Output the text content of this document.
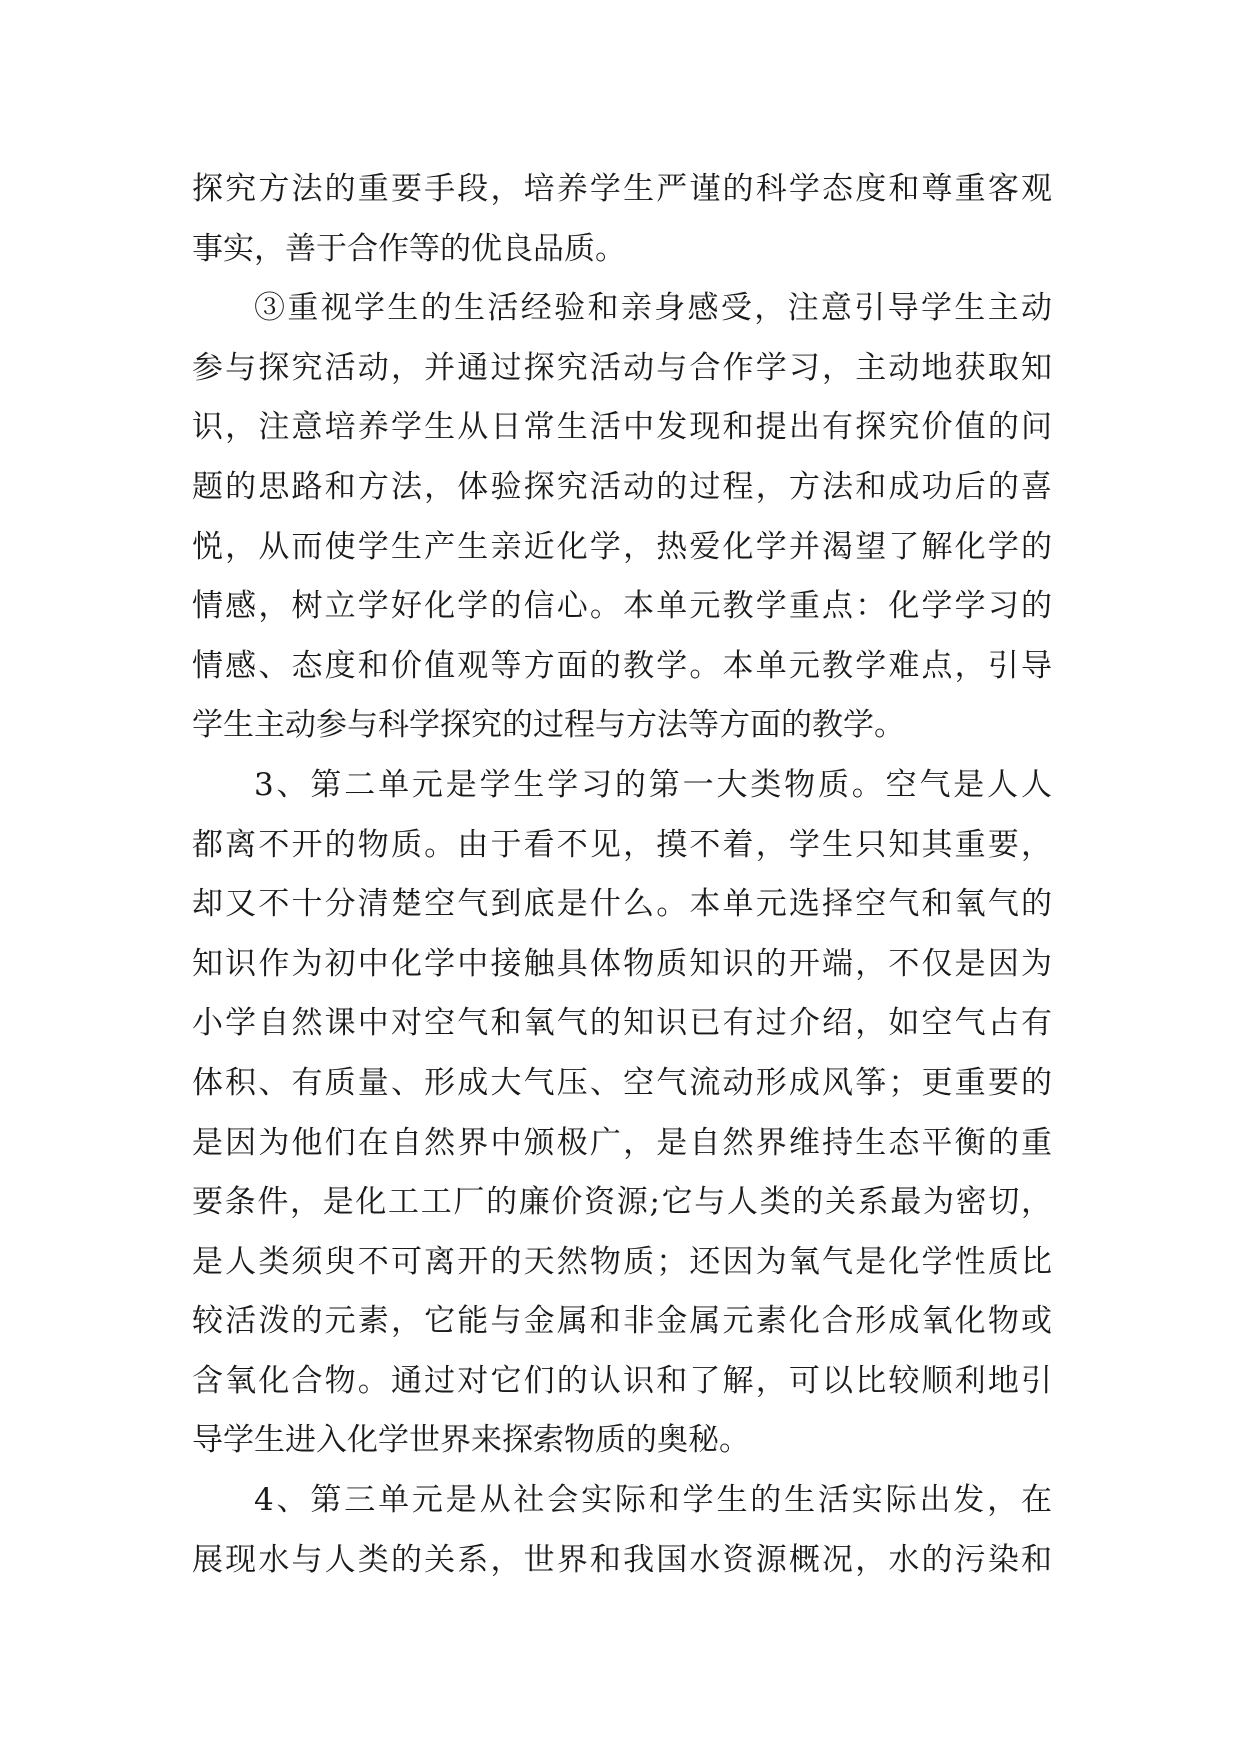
探究方法的重要手段，培养学生严谨的科学态度和尊重客观
事实，善于合作等的优良品质。
③重视学生的生活经验和亲身感受，注意引导学生主动
参与探究活动，并通过探究活动与合作学习，主动地获取知
识，注意培养学生从日常生活中发现和提出有探究价值的问
题的思路和方法，体验探究活动的过程，方法和成功后的喜
悦，从而使学生产生亲近化学，热爱化学并渴望了解化学的
情感，树立学好化学的信心。本单元教学重点：化学学习的
情感、态度和价值观等方面的教学。本单元教学难点，引导
学生主动参与科学探究的过程与方法等方面的教学。
3、第二单元是学生学习的第一大类物质。空气是人人
都离不开的物质。由于看不见，摸不着，学生只知其重要，
却又不十分清楚空气到底是什么。本单元选择空气和氧气的
知识作为初中化学中接触具体物质知识的开端，不仅是因为
小学自然课中对空气和氧气的知识已有过介绍，如空气占有
体积、有质量、形成大气压、空气流动形成风筝；更重要的
是因为他们在自然界中颁极广，是自然界维持生态平衡的重
要条件，是化工工厂的廉价资源;它与人类的关系最为密切，
是人类须臾不可离开的天然物质；还因为氧气是化学性质比
较活泼的元素，它能与金属和非金属元素化合形成氧化物或
含氧化合物。通过对它们的认识和了解，可以比较顺利地引
导学生进入化学世界来探索物质的奥秘。
4、第三单元是从社会实际和学生的生活实际出发，在
展现水与人类的关系，世界和我国水资源概况，水的污染和
